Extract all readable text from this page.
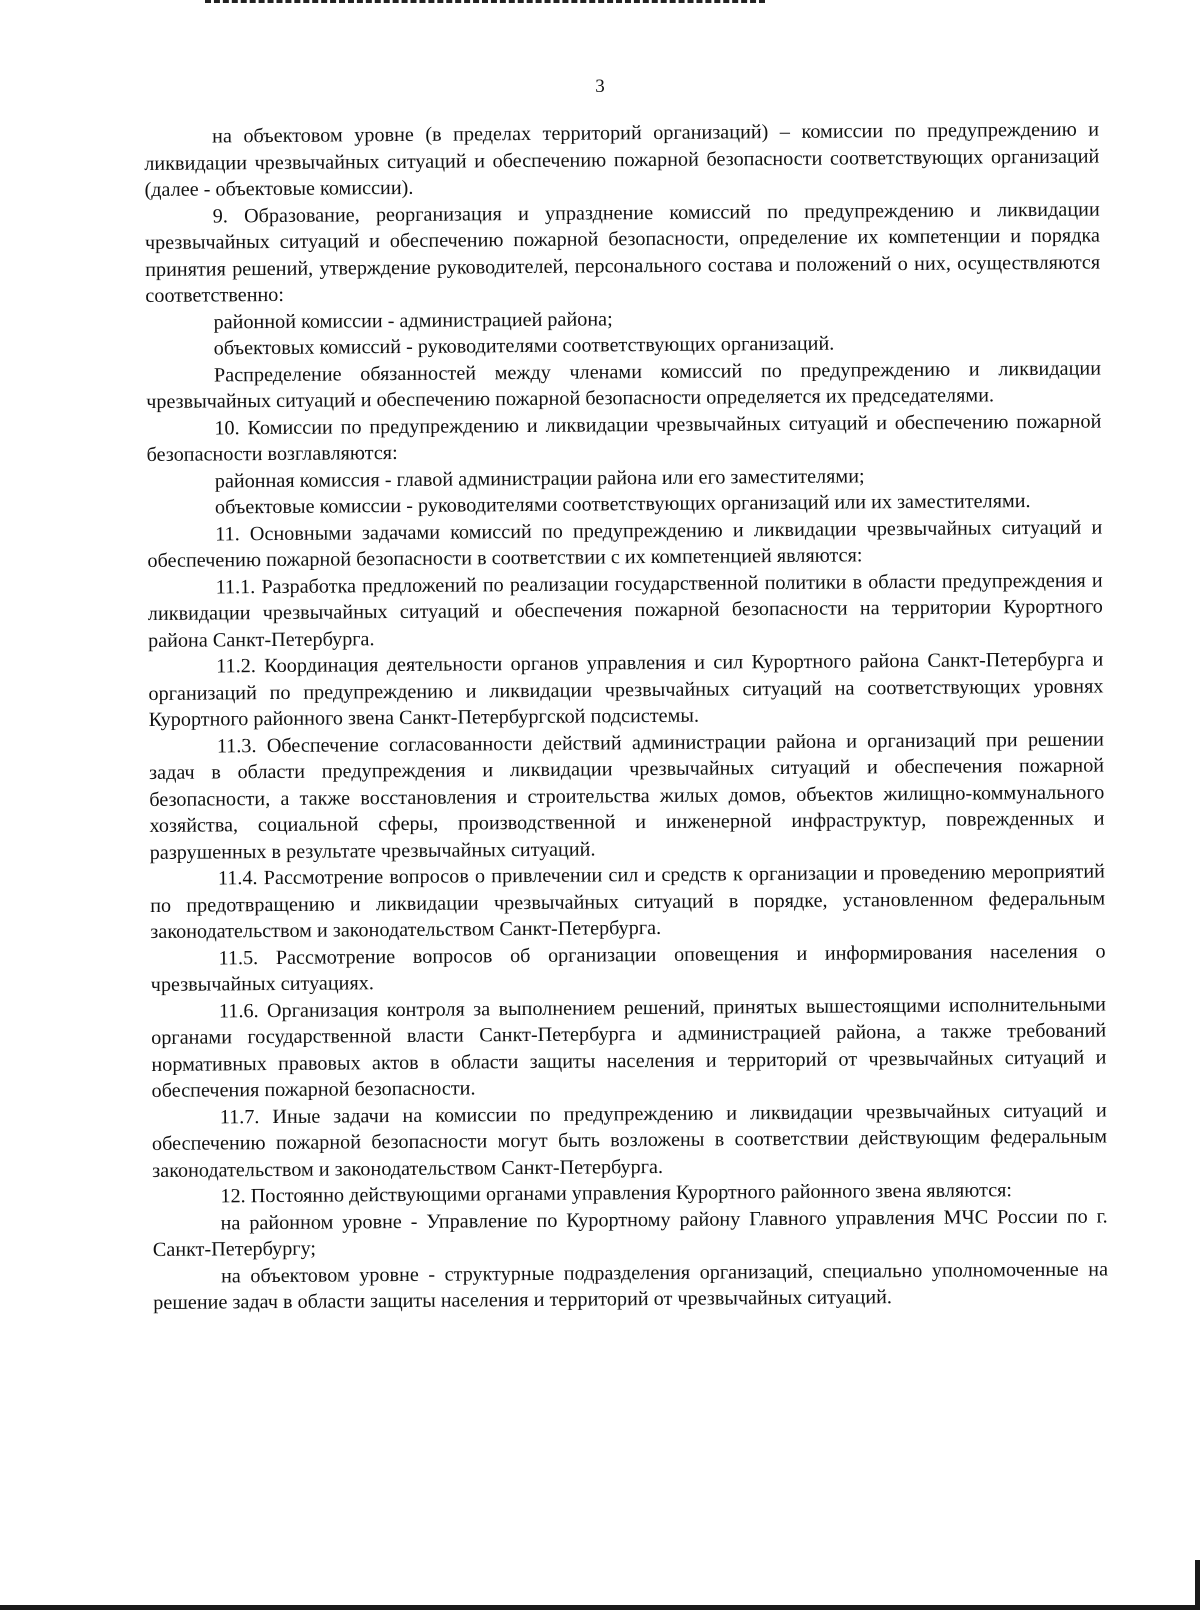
3

на объектовом уровне (в пределах территорий организаций) – комиссии по предупреждению и ликвидации чрезвычайных ситуаций и обеспечению пожарной безопасности соответствующих организаций (далее - объектовые комиссии).

9. Образование, реорганизация и упразднение комиссий по предупреждению и ликвидации чрезвычайных ситуаций и обеспечению пожарной безопасности, определение их компетенции и порядка принятия решений, утверждение руководителей, персонального состава и положений о них, осуществляются соответственно:

районной комиссии - администрацией района;

объектовых комиссий - руководителями соответствующих организаций.

Распределение обязанностей между членами комиссий по предупреждению и ликвидации чрезвычайных ситуаций и обеспечению пожарной безопасности определяется их председателями.

10. Комиссии по предупреждению и ликвидации чрезвычайных ситуаций и обеспечению пожарной безопасности возглавляются:

районная комиссия - главой администрации района или его заместителями;

объектовые комиссии - руководителями соответствующих организаций или их заместителями.

11. Основными задачами комиссий по предупреждению и ликвидации чрезвычайных ситуаций и обеспечению пожарной безопасности в соответствии с их компетенцией являются:

11.1. Разработка предложений по реализации государственной политики в области предупреждения и ликвидации чрезвычайных ситуаций и обеспечения пожарной безопасности на территории Курортного района Санкт-Петербурга.

11.2. Координация деятельности органов управления и сил Курортного района Санкт-Петербурга и организаций по предупреждению и ликвидации чрезвычайных ситуаций на соответствующих уровнях Курортного районного звена Санкт-Петербургской подсистемы.

11.3. Обеспечение согласованности действий администрации района и организаций при решении задач в области предупреждения и ликвидации чрезвычайных ситуаций и обеспечения пожарной безопасности, а также восстановления и строительства жилых домов, объектов жилищно-коммунального хозяйства, социальной сферы, производственной и инженерной инфраструктур, поврежденных и разрушенных в результате чрезвычайных ситуаций.

11.4. Рассмотрение вопросов о привлечении сил и средств к организации и проведению мероприятий по предотвращению и ликвидации чрезвычайных ситуаций в порядке, установленном федеральным законодательством и законодательством Санкт-Петербурга.

11.5. Рассмотрение вопросов об организации оповещения и информирования населения о чрезвычайных ситуациях.

11.6. Организация контроля за выполнением решений, принятых вышестоящими исполнительными органами государственной власти Санкт-Петербурга и администрацией района, а также требований нормативных правовых актов в области защиты населения и территорий от чрезвычайных ситуаций и обеспечения пожарной безопасности.

11.7. Иные задачи на комиссии по предупреждению и ликвидации чрезвычайных ситуаций и обеспечению пожарной безопасности могут быть возложены в соответствии действующим федеральным законодательством и законодательством Санкт-Петербурга.

12. Постоянно действующими органами управления Курортного районного звена являются:

на районном уровне - Управление по Курортному району Главного управления МЧС России по г. Санкт-Петербургу;

на объектовом уровне - структурные подразделения организаций, специально уполномоченные на решение задач в области защиты населения и территорий от чрезвычайных ситуаций.
